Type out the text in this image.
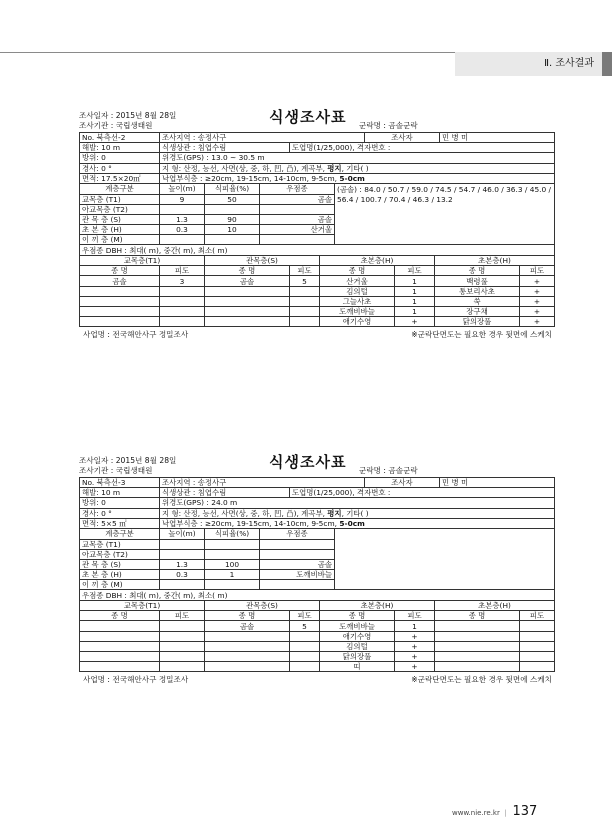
Ⅱ. 조사결과
조사일자 : 2015년 8월 28일
조사기관 : 국립생태원	식생조사표 군락명 : 곰솔군락
No. 북측선-2	조사지역 : 송정사구		조사자	민 병 미
해발: 10 m	식생상관 : 침엽수림	도엽명(1/25,000), 격자번호 :		
방위: 0	위경도(GPS) : 13.0 ~ 30.5 m			
경사: 0 °	지 형: 산정, 능선, 사면(상, 중, 하, 凹, 凸), 계곡부, 평지, 기타( )			
면적: 17.5×20㎡	낙엽부식층 : ≥20cm, 19-15cm, 14-10cm, 9-5cm, 5-0cm			
계층구분	높이(m)	식피율(%)	우점종	(곰솔) : 84.0 / 50.7 / 59.0 / 74.5 / 54.7 / 46.0 / 36.3 / 45.0 / 56.4 / 100.7 / 70.4 / 46.3 / 13.2
교목층 (T1)	9	50	곰솔	
아교목층 (T2)				
관 목 층 (S)	1.3	90	곰솔	
초 본 층 (H)	0.3	10	산거울	
이 끼 층 (M)				
우점종 DBH : 최대( m), 중간( m), 최소( m)				
교목층(T1)		관목층(S)		초본층(H)		초본층(H)	
종 명	피도	종 명	피도	종 명	피도	종 명	피도
곰솔	3	곰솔	5	산거울	1	백령풀	+
				김의털	1	통보리사초	+
				그늘사초	1	쑥	+
				도깨비바늘	1	장구채	+
				애기수영	+	닭의장풀	+
사업명 : 전국해안사구 정밀조사	※군락단면도는 필요한 경우 뒷면에 스케치
조사일자 : 2015년 8월 28일
조사기관 : 국립생태원	식생조사표 군락명 : 곰솔군락
No. 북측선-3	조사지역 : 송정사구		조사자	민 병 미
해발: 10 m	식생상관 : 침엽수림	도엽명(1/25,000), 격자번호 :		
방위: 0	위경도(GPS) : 24.0 m			
경사: 0 °	지 형: 산정, 능선, 사면(상, 중, 하, 凹, 凸), 계곡부, 평지, 기타( )			
면적: 5×5 ㎡	낙엽부식층 : ≥20cm, 19-15cm, 14-10cm, 9-5cm, 5-0cm			
계층구분	높이(m)	식피율(%)	우점종	
교목층 (T1)				
아교목층 (T2)				
관 목 층 (S)	1.3	100	곰솔	
초 본 층 (H)	0.3	1	도깨비바늘	
이 끼 층 (M)				
우점종 DBH : 최대( m), 중간( m), 최소( m)				
교목층(T1)		관목층(S)		초본층(H)		초본층(H)	
종 명	피도	종 명	피도	종 명	피도	종 명	피도
		곰솔	5	도깨비바늘	1		
				애기수영	+		
				김의털	+		
				닭의장풀	+		
				띠	+		
사업명 : 전국해안사구 정밀조사	※군락단면도는 필요한 경우 뒷면에 스케치
www.nie.re.kr | 137
